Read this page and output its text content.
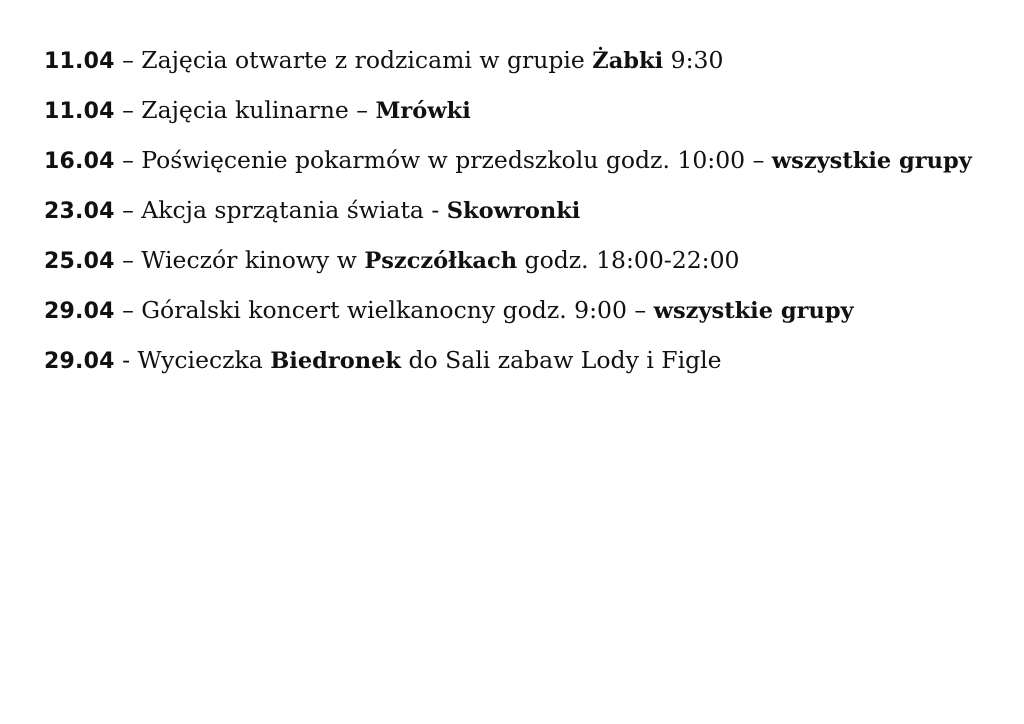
11.04 – Zajęcia otwarte z rodzicami w grupie Żabki 9:30
11.04 – Zajęcia kulinarne – Mrówki
16.04 – Poświęcenie pokarmów w przedszkolu godz. 10:00 – wszystkie grupy
23.04 – Akcja sprzątania świata - Skowronki
25.04 – Wieczór kinowy w Pszczółkach godz. 18:00-22:00
29.04 – Góralski koncert wielkanocny godz. 9:00 – wszystkie grupy
29.04 - Wycieczka Biedronek do Sali zabaw Lody i Figle
